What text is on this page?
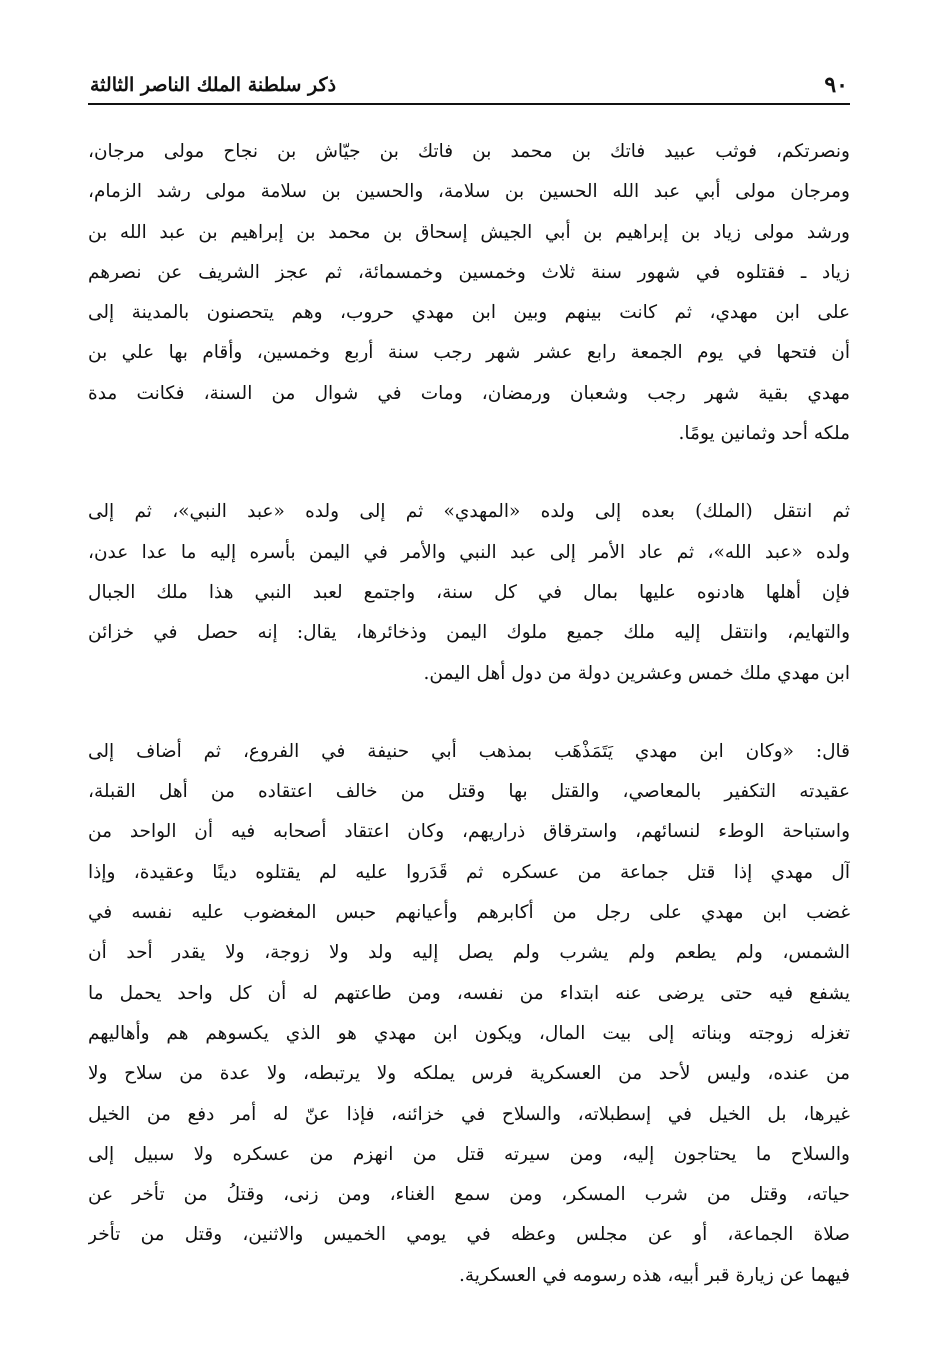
٩٠
ذكر سلطنة الملك الناصر الثالثة
ونصرتكم، فوثب عبيد فاتك بن محمد بن فاتك بن جيّاش بن نجاح مولى مرجان،
ومرجان مولى أبي عبد الله الحسين بن سلامة، والحسين بن سلامة مولى رشد الزمام،
ورشد مولى زياد بن إبراهيم بن أبي الجيش إسحاق بن محمد بن إبراهيم بن عبد الله بن
زياد ـ فقتلوه في شهور سنة ثلاث وخمسين وخمسمائة، ثم عجز الشريف عن نصرهم
على ابن مهدي، ثم كانت بينهم وبين ابن مهدي حروب، وهم يتحصنون بالمدينة إلى
أن فتحها في يوم الجمعة رابع عشر شهر رجب سنة أربع وخمسين، وأقام بها علي بن
مهدي بقية شهر رجب وشعبان ورمضان، ومات في شوال من السنة، فكانت مدة
ملكه أحد وثمانين يومًا.
ثم انتقل (الملك) بعده إلى ولده «المهدي» ثم إلى ولده «عبد النبي»، ثم إلى
ولده «عبد الله»، ثم عاد الأمر إلى عبد النبي والأمر في اليمن بأسره إليه ما عدا عدن،
فإن أهلها هادنوه عليها بمال في كل سنة، واجتمع لعبد النبي هذا ملك الجبال
والتهايم، وانتقل إليه ملك جميع ملوك اليمن وذخائرها، يقال: إنه حصل في خزائن
ابن مهدي ملك خمس وعشرين دولة من دول أهل اليمن.
قال: «وكان ابن مهدي يَتَمَذْهَب بمذهب أبي حنيفة في الفروع، ثم أضاف إلى
عقيدته التكفير بالمعاصي، والقتل بها وقتل من خالف اعتقاده من أهل القبلة،
واستباحة الوطء لنسائهم، واسترقاق ذراريهم، وكان اعتقاد أصحابه فيه أن الواحد من
آل مهدي إذا قتل جماعة من عسكره ثم قَدَروا عليه لم يقتلوه دينًا وعقيدة، وإذا
غضب ابن مهدي على رجل من أكابرهم وأعيانهم حبس المغضوب عليه نفسه في
الشمس، ولم يطعم ولم يشرب ولم يصل إليه ولد ولا زوجة، ولا يقدر أحد أن
يشفع فيه حتى يرضى عنه ابتداء من نفسه، ومن طاعتهم له أن كل واحد يحمل ما
تغزله زوجته وبناته إلى بيت المال، ويكون ابن مهدي هو الذي يكسوهم هم وأهاليهم
من عنده، وليس لأحد من العسكرية فرس يملكه ولا يرتبطه، ولا عدة من سلاح ولا
غيرها، بل الخيل في إسطبلاته، والسلاح في خزائنه، فإذا عنّ له أمر دفع من الخيل
والسلاح ما يحتاجون إليه، ومن سيرته قتل من انهزم من عسكره ولا سبيل إلى
حياته، وقتل من شرب المسكر، ومن سمع الغناء، ومن زنى، وقتلُ من تأخر عن
صلاة الجماعة، أو عن مجلس وعظه في يومي الخميس والاثنين، وقتل من تأخر
فيهما عن زيارة قبر أبيه، هذه رسومه في العسكرية.
